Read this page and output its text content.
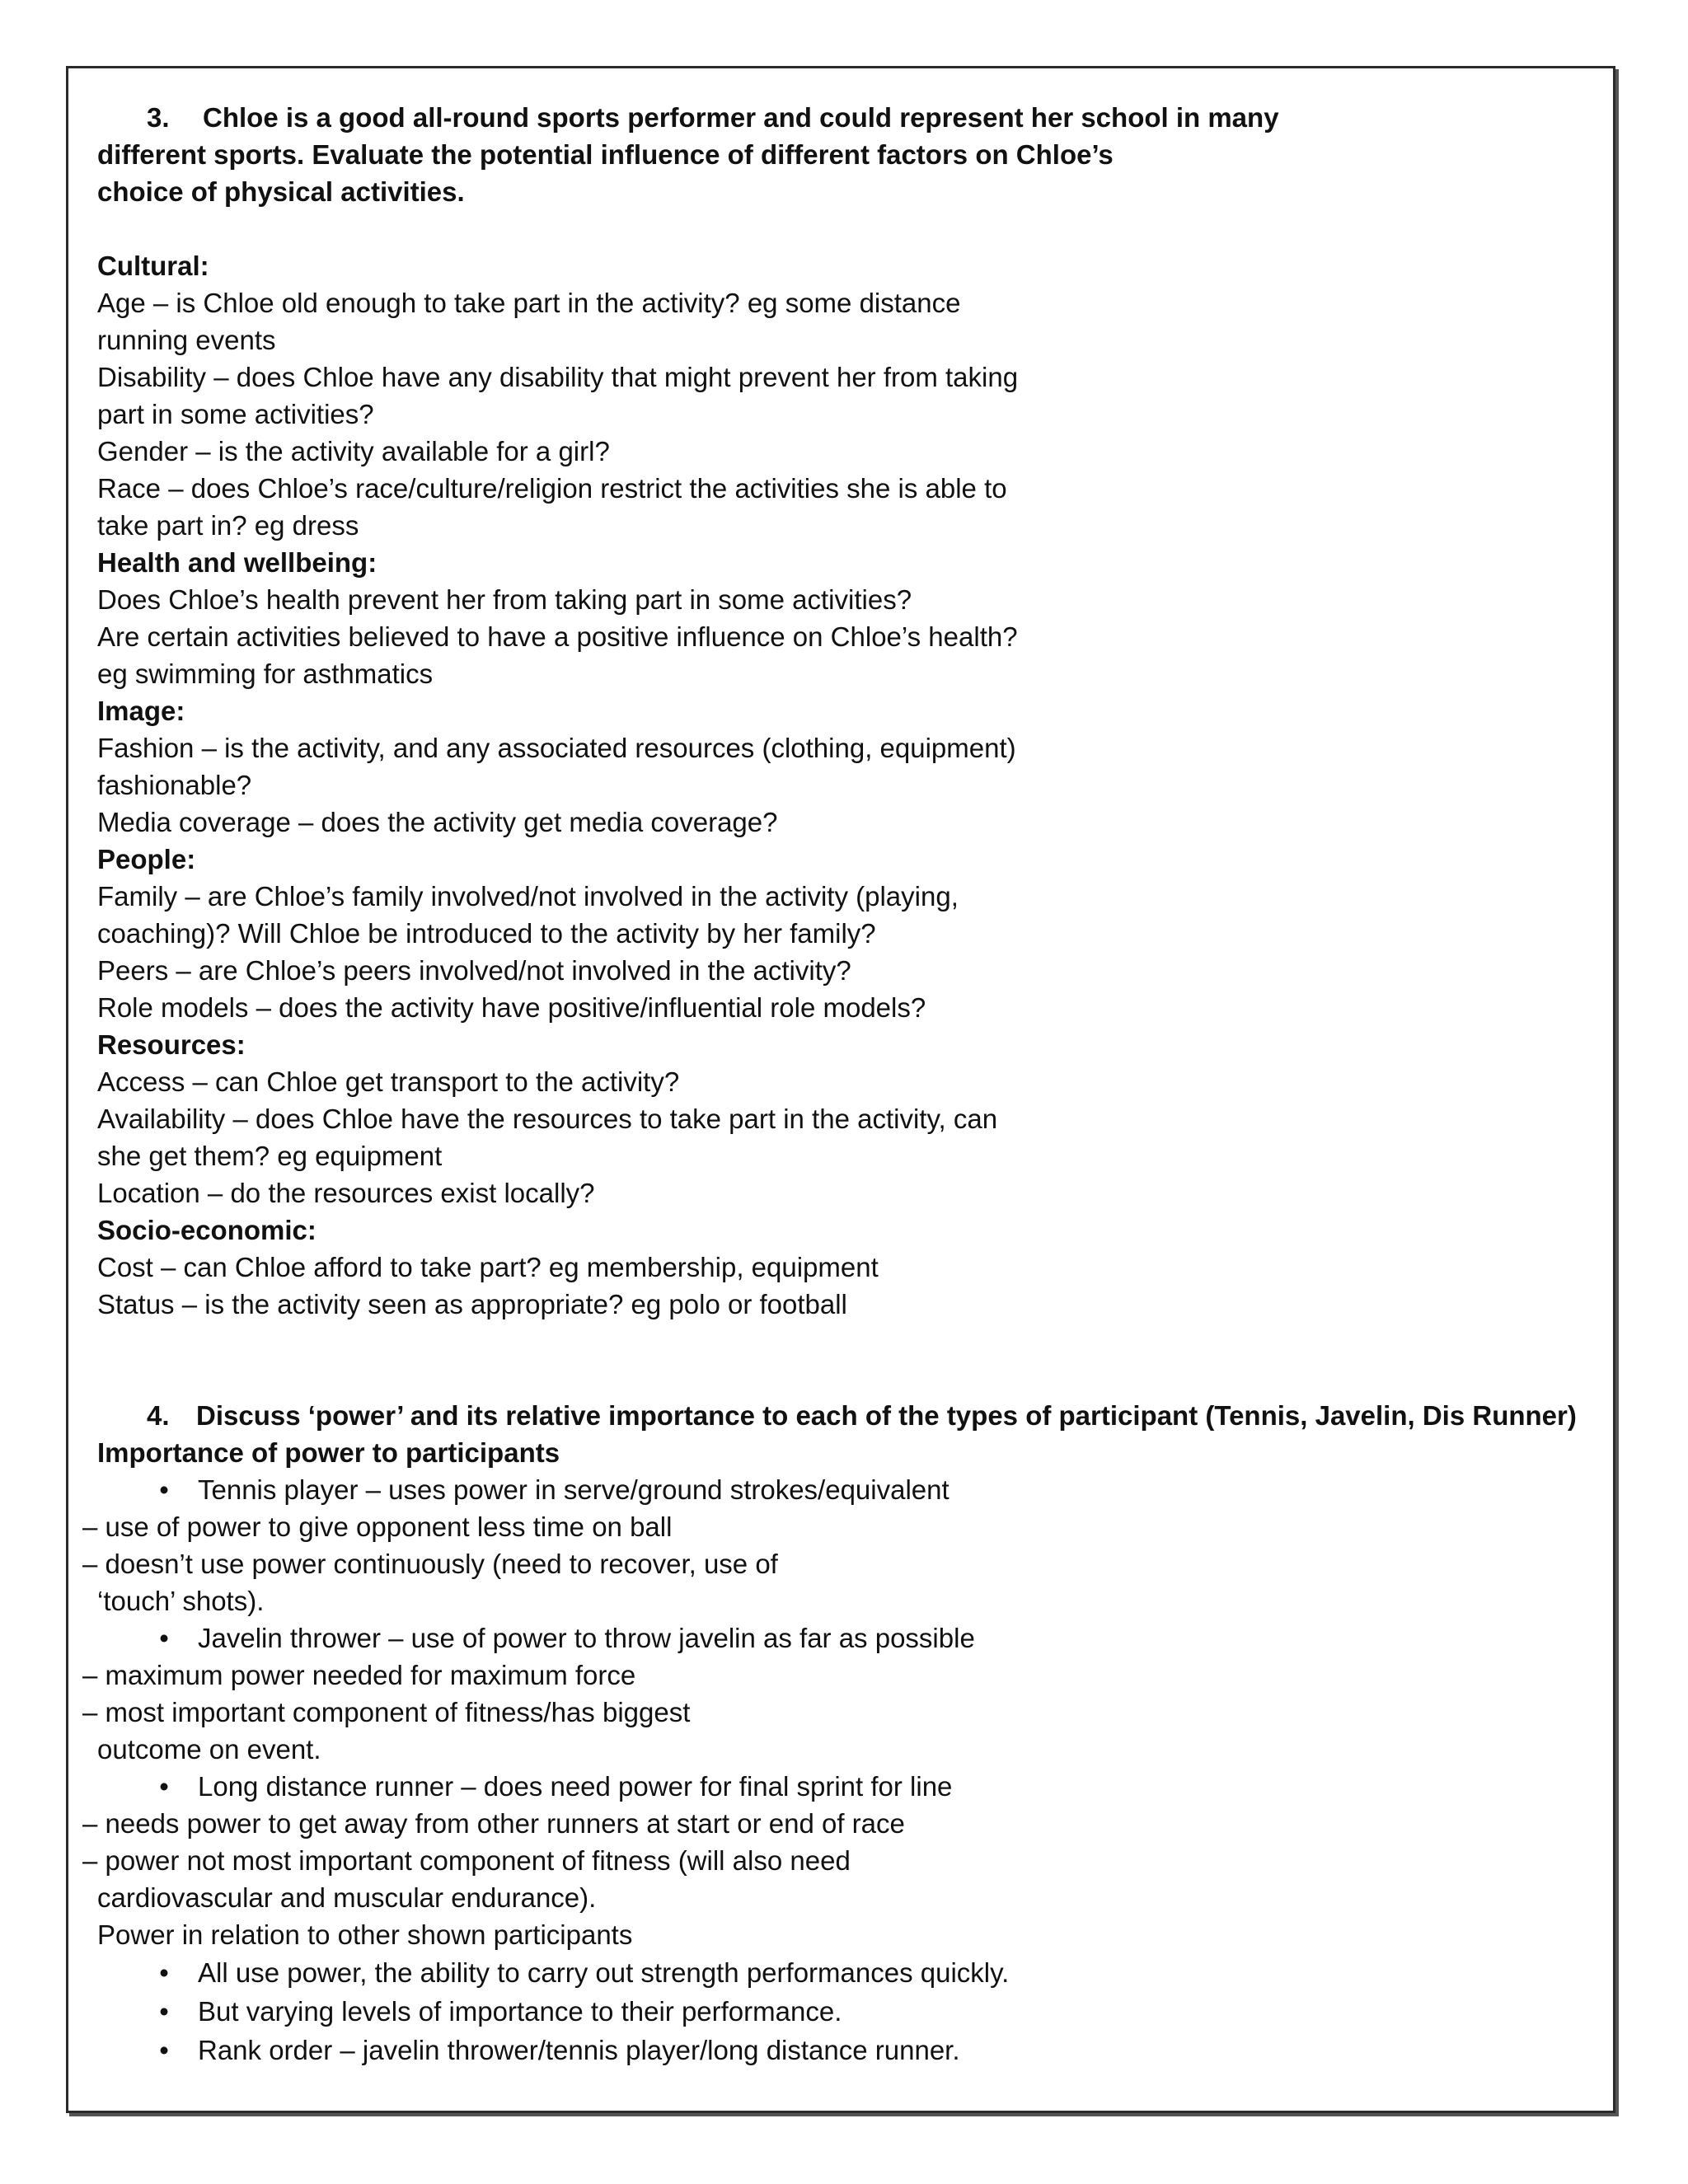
3. Chloe is a good all-round sports performer and could represent her school in many

different sports. Evaluate the potential influence of different factors on Chloe’s

choice of physical activities.

Cultural:

Age – is Chloe old enough to take part in the activity? eg some distance

running events

Disability – does Chloe have any disability that might prevent her from taking

part in some activities?

Gender – is the activity available for a girl?

Race – does Chloe’s race/culture/religion restrict the activities she is able to

take part in? eg dress

Health and wellbeing:

Does Chloe’s health prevent her from taking part in some activities?

Are certain activities believed to have a positive influence on Chloe’s health?

eg swimming for asthmatics

Image:

Fashion – is the activity, and any associated resources (clothing, equipment)

fashionable?

Media coverage – does the activity get media coverage?

People:

Family – are Chloe’s family involved/not involved in the activity (playing,

coaching)? Will Chloe be introduced to the activity by her family?

Peers – are Chloe’s peers involved/not involved in the activity?

Role models – does the activity have positive/influential role models?

Resources:

Access – can Chloe get transport to the activity?

Availability – does Chloe have the resources to take part in the activity, can

she get them? eg equipment

Location – do the resources exist locally?

Socio-economic:

Cost – can Chloe afford to take part? eg membership, equipment

Status – is the activity seen as appropriate? eg polo or football

4. Discuss ‘power’ and its relative importance to each of the types of participant (Tennis, Javelin, Dis Runner)

Importance of power to participants

• Tennis player – uses power in serve/ground strokes/equivalent

– use of power to give opponent less time on ball

– doesn’t use power continuously (need to recover, use of

‘touch’ shots).

• Javelin thrower – use of power to throw javelin as far as possible

– maximum power needed for maximum force

– most important component of fitness/has biggest

outcome on event.

• Long distance runner – does need power for final sprint for line

– needs power to get away from other runners at start or end of race

– power not most important component of fitness (will also need

cardiovascular and muscular endurance).

Power in relation to other shown participants

• All use power, the ability to carry out strength performances quickly.

• But varying levels of importance to their performance.

• Rank order – javelin thrower/tennis player/long distance runner.
